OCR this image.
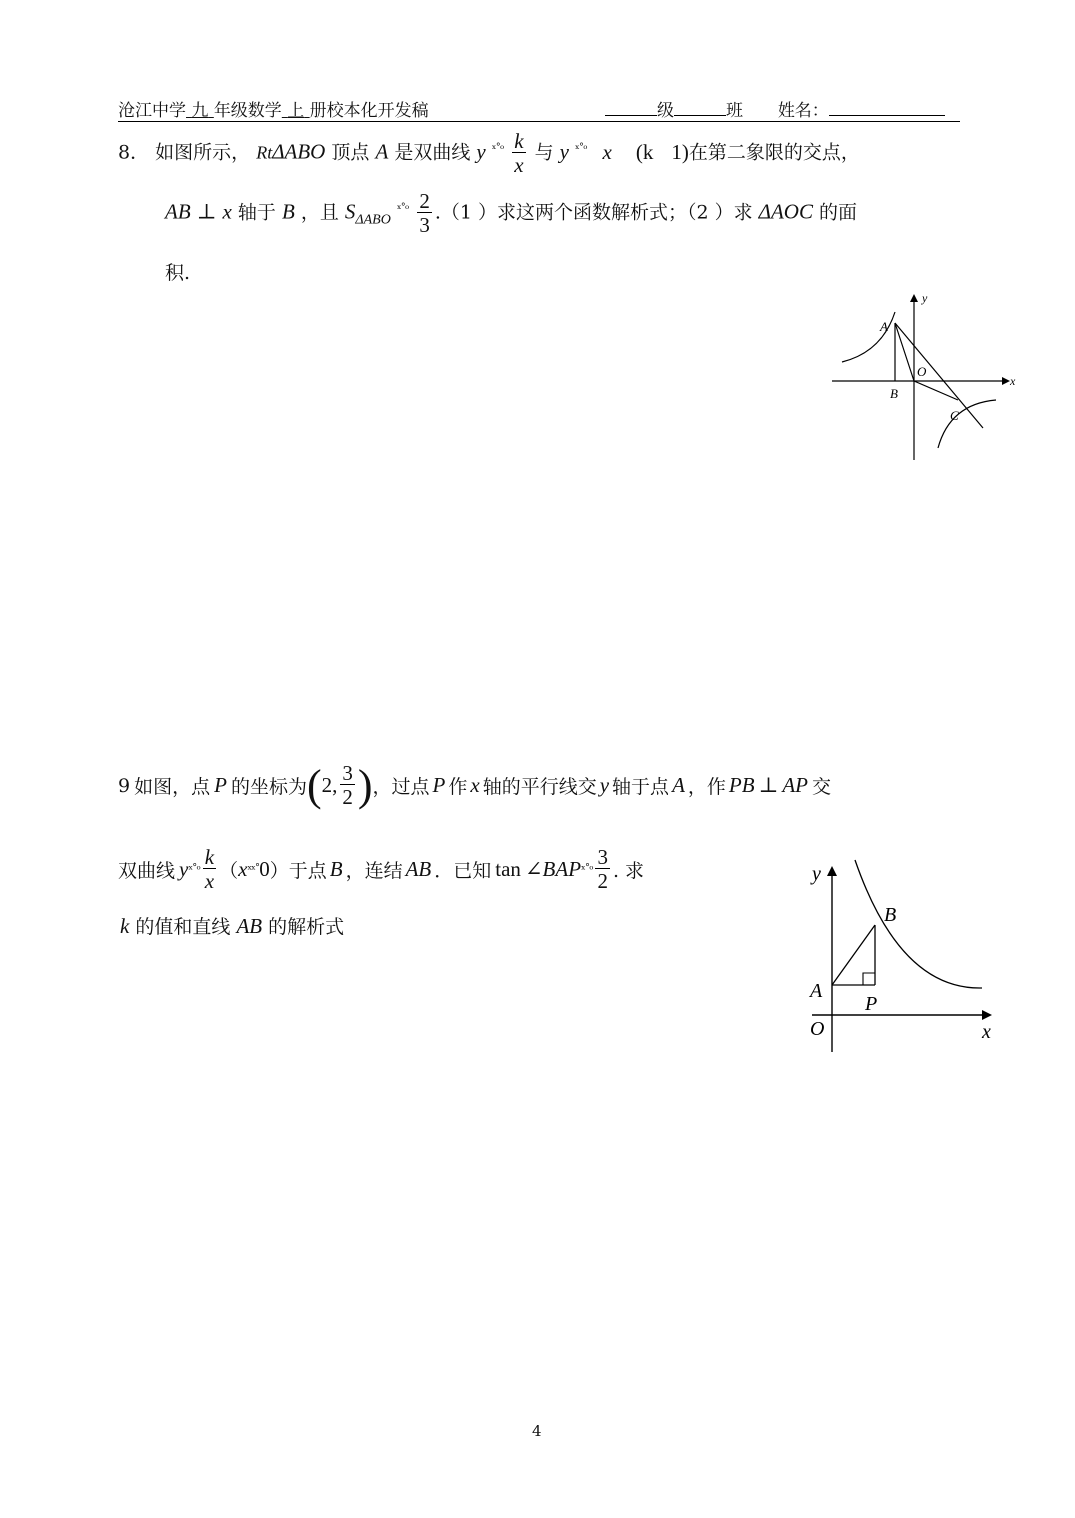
沧江中学 九 年级数学 上 册校本化开发稿	级	班 姓名：
8． 如图所示， RtΔABO 顶点 A 是双曲线 y $^{ˣ˚ᵒ} \frac{k}{x}$ 与 y $^{ˣ˚ᵒ}$ x (k 1)在第二象限的交点，
AB ⊥ x 轴于 B ，且 $S_{\Delta ABO}$ $^{ˣ˚ᵒ} \frac{2}{3} .(1$ ）求这两个函数解析式；（2 ）求 ΔAOC 的面
积.
A
B
O
C
x
y
9 如图，点 P 的坐标为 ( 2, $\frac{3}{2}$ ) ，过点 P 作 x 轴的平行线交 y 轴于点 A ，作 PB ⊥ AP 交
双曲线 y ˣ˚ᵒ $\frac{k}{x}$ （ x ˣˣ˚ 0 ）于点 B ，连结 AB ．已知 tan ∠BAP ˣ˚ᵒ $\frac{3}{2}$ . 求
k 的值和直线 AB 的解析式
y
B
A
P
O	x
4
